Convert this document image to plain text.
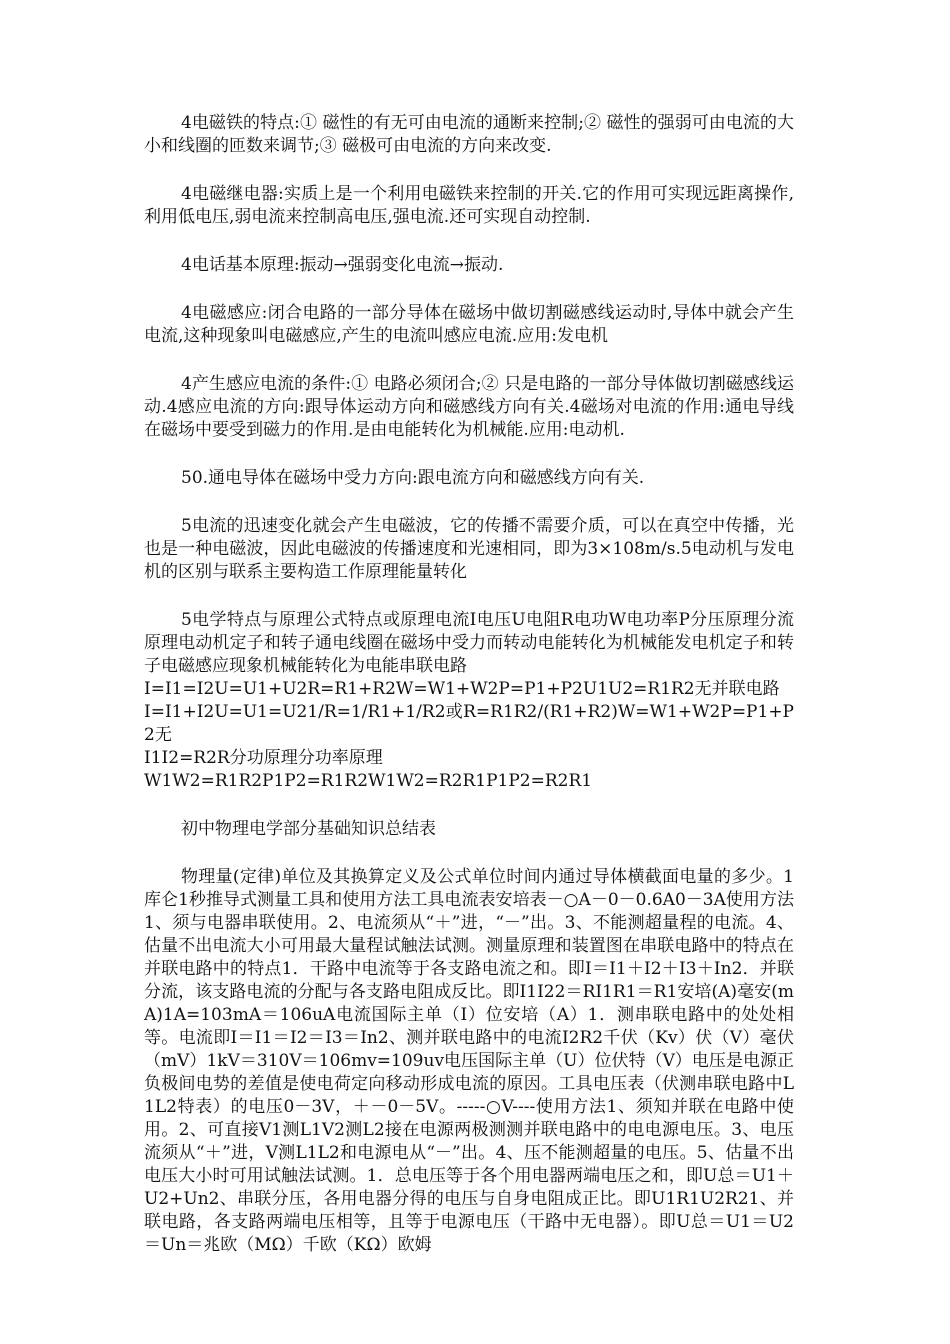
4电磁铁的特点:① 磁性的有无可由电流的通断来控制;② 磁性的强弱可由电流的大小和线圈的匝数来调节;③ 磁极可由电流的方向来改变.

4电磁继电器:实质上是一个利用电磁铁来控制的开关.它的作用可实现远距离操作,利用低电压,弱电流来控制高电压,强电流.还可实现自动控制.

4电话基本原理:振动→强弱变化电流→振动.

4电磁感应:闭合电路的一部分导体在磁场中做切割磁感线运动时,导体中就会产生电流,这种现象叫电磁感应,产生的电流叫感应电流.应用:发电机

4产生感应电流的条件:① 电路必须闭合;② 只是电路的一部分导体做切割磁感线运动.4感应电流的方向:跟导体运动方向和磁感线方向有关.4磁场对电流的作用:通电导线在磁场中要受到磁力的作用.是由电能转化为机械能.应用:电动机.

50.通电导体在磁场中受力方向:跟电流方向和磁感线方向有关.

5电流的迅速变化就会产生电磁波，它的传播不需要介质，可以在真空中传播，光也是一种电磁波，因此电磁波的传播速度和光速相同，即为3×108m/s.5电动机与发电机的区别与联系主要构造工作原理能量转化

5电学特点与原理公式特点或原理电流I电压U电阻R电功W电功率P分压原理分流原理电动机定子和转子通电线圈在磁场中受力而转动电能转化为机械能发电机定子和转子电磁感应现象机械能转化为电能串联电路
I=I1=I2U=U1+U2R=R1+R2W=W1+W2P=P1+P2U1U2=R1R2无并联电路
I=I1+I2U=U1=U21/R=1/R1+1/R2或R=R1R2/(R1+R2)W=W1+W2P=P1+P2无
I1I2=R2R分功原理分功率原理
W1W2=R1R2P1P2=R1R2W1W2=R2R1P1P2=R2R1

初中物理电学部分基础知识总结表

物理量(定律)单位及其换算定义及公式单位时间内通过导体横截面电量的多少。1库仑1秒推导式测量工具和使用方法工具电流表安培表－○A－0－0.6A0－3A使用方法1、须与电器串联使用。2、电流须从“＋”进，“－”出。3、不能测超量程的电流。4、估量不出电流大小可用最大量程试触法试测。测量原理和装置图在串联电路中的特点在并联电路中的特点1．干路中电流等于各支路电流之和。即I＝I1＋I2＋I3＋In2．并联分流，该支路电流的分配与各支路电阻成反比。即I1I22＝RI1R1＝R1安培(A)毫安(mA)1A=103mA＝106uA电流国际主单（I）位安培（A）1．测串联电路中的处处相等。电流即I＝I1＝I2＝I3＝In2、测并联电路中的电流I2R2千伏（Kv）伏（V）毫伏（mV）1kV＝310V＝106mv=109uv电压国际主单（U）位伏特（V）电压是电源正负极间电势的差值是使电荷定向移动形成电流的原因。工具电压表（伏测串联电路中L1L2特表）的电压0－3V，＋－0－5V。-----○V----使用方法1、须知并联在电路中使用。2、可直接V1测L1V2测L2接在电源两极测测并联电路中的电电源电压。3、电压流须从“＋”进，V测L1L2和电源电从“－”出。4、压不能测超量的电压。5、估量不出电压大小时可用试触法试测。1．总电压等于各个用电器两端电压之和，即U总＝U1＋U2+Un2、串联分压，各用电器分得的电压与自身电阻成正比。即U1R1U2R21、并联电路，各支路两端电压相等，且等于电源电压（干路中无电器）。即U总＝U1＝U2＝Un＝兆欧（MΩ）千欧（KΩ）欧姆
